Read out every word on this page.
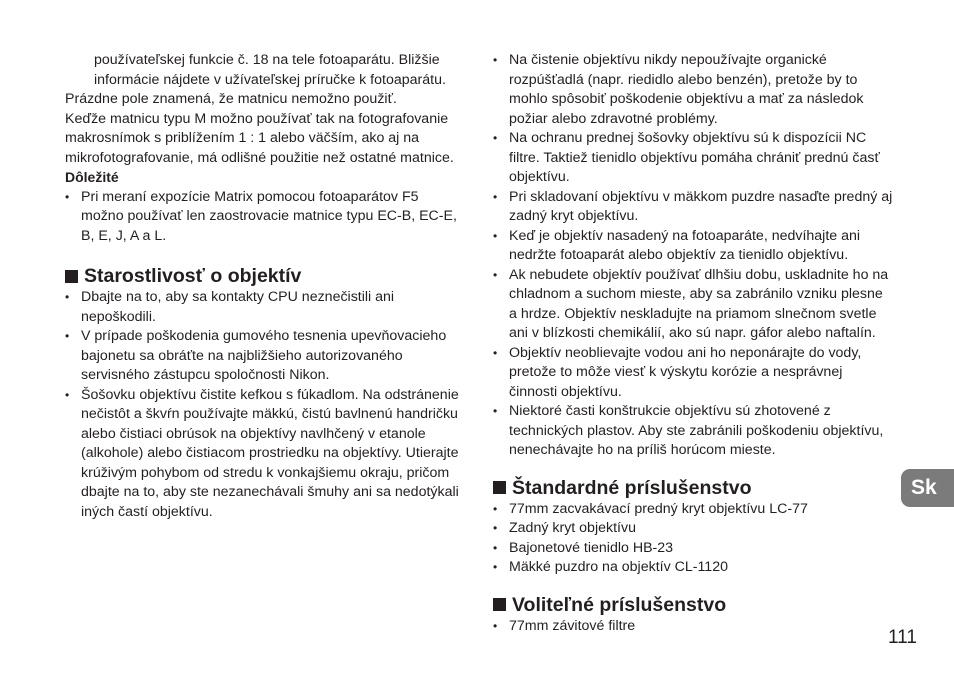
používateľskej funkcie č. 18 na tele fotoaparátu. Bližšie informácie nájdete v užívateľskej príručke k fotoaparátu.

Prázdne pole znamená, že matnicu nemožno použiť.

Keďže matnicu typu M možno používať tak na fotografovanie makrosnímok s priblížením 1 : 1 alebo väčším, ako aj na mikrofotografovanie, má odlišné použitie než ostatné matnice.

Dôležité

• Pri meraní expozície Matrix pomocou fotoaparátov F5 možno používať len zaostrovacie matnice typu EC-B, EC-E, B, E, J, A a L.
Starostlivosť o objektív
• Dbajte na to, aby sa kontakty CPU neznečistili ani nepoškodili.
• V prípade poškodenia gumového tesnenia upevňovacieho bajonetu sa obráťte na najbližšieho autorizovaného servisného zástupcu spoločnosti Nikon.
• Šošovku objektívu čistite kefkou s fúkadlom. Na odstránenie nečistôt a škvŕn používajte mäkkú, čistú bavlnenú handričku alebo čistiaci obrúsok na objektívy navlhčený v etanole (alkohole) alebo čistiacom prostriedku na objektívy. Utierajte krúživým pohybom od stredu k vonkajšiemu okraju, pričom dbajte na to, aby ste nezanechávali šmuhy ani sa nedotýkali iných častí objektívu.
• Na čistenie objektívu nikdy nepoužívajte organické rozpúšťadlá (napr. riedidlo alebo benzén), pretože by to mohlo spôsobiť poškodenie objektívu a mať za následok požiar alebo zdravotné problémy.
• Na ochranu prednej šošovky objektívu sú k dispozícii NC filtre. Taktiež tienidlo objektívu pomáha chrániť prednú časť objektívu.
• Pri skladovaní objektívu v mäkkom puzdre nasaďte predný aj zadný kryt objektívu.
• Keď je objektív nasadený na fotoaparáte, nedvíhajte ani nedržte fotoaparát alebo objektív za tienidlo objektívu.
• Ak nebudete objektív používať dlhšiu dobu, uskladnite ho na chladnom a suchom mieste, aby sa zabránilo vzniku plesne a hrdze. Objektív neskladujte na priamom slnečnom svetle ani v blízkosti chemikálií, ako sú napr. gáfor alebo naftalín.
• Objektív neoblievajte vodou ani ho neponárajte do vody, pretože to môže viesť k výskytu korózie a nesprávnej činnosti objektívu.
• Niektoré časti konštrukcie objektívu sú zhotovené z technických plastov. Aby ste zabránili poškodeniu objektívu, nenechávajte ho na príliš horúcom mieste.
Štandardné príslušenstvo
• 77mm zacvakávací predný kryt objektívu LC-77
• Zadný kryt objektívu
• Bajonetové tienidlo HB-23
• Mäkké puzdro na objektív CL-1120
Voliteľné príslušenstvo
• 77mm závitové filtre
Sk
111
